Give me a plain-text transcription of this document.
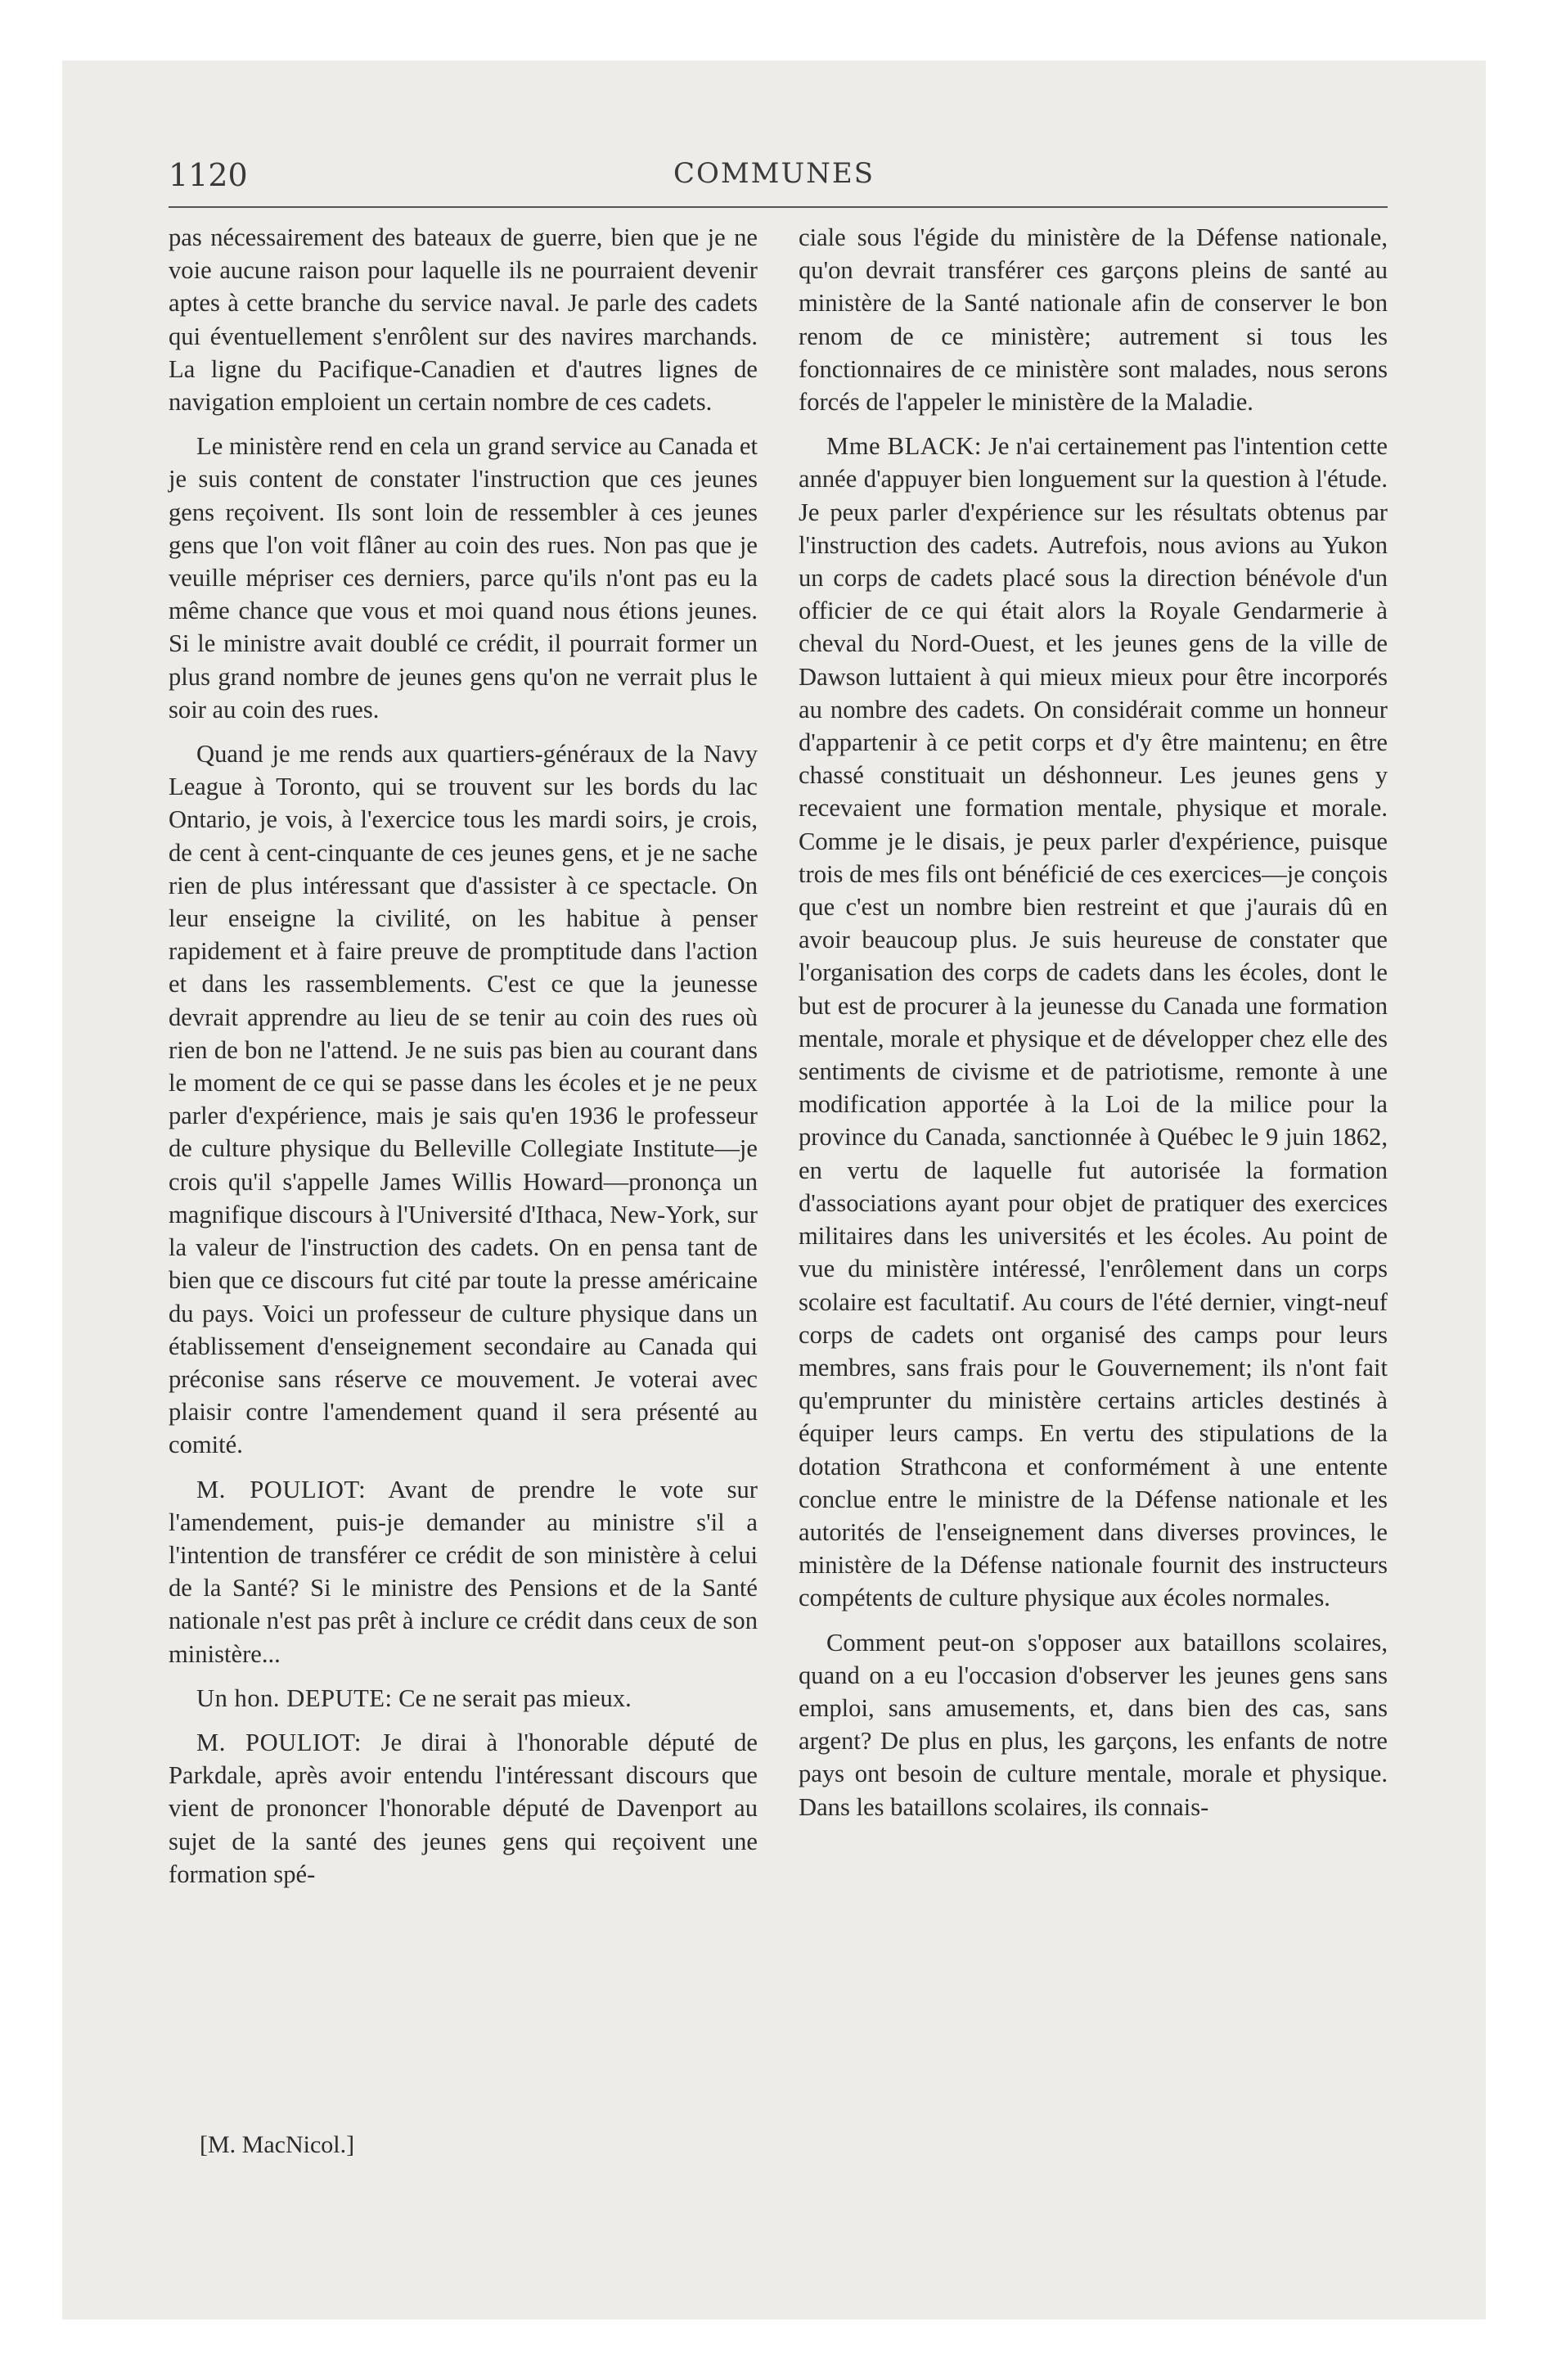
1120	COMMUNES

pas nécessairement des bateaux de guerre, bien que je ne voie aucune raison pour laquelle ils ne pourraient devenir aptes à cette branche du service naval. Je parle des cadets qui éventuellement s'enrôlent sur des navires marchands. La ligne du Pacifique-Canadien et d'autres lignes de navigation emploient un certain nombre de ces cadets.

Le ministère rend en cela un grand service au Canada et je suis content de constater l'instruction que ces jeunes gens reçoivent. Ils sont loin de ressembler à ces jeunes gens que l'on voit flâner au coin des rues. Non pas que je veuille mépriser ces derniers, parce qu'ils n'ont pas eu la même chance que vous et moi quand nous étions jeunes. Si le ministre avait doublé ce crédit, il pourrait former un plus grand nombre de jeunes gens qu'on ne verrait plus le soir au coin des rues.

Quand je me rends aux quartiers-généraux de la Navy League à Toronto, qui se trouvent sur les bords du lac Ontario, je vois, à l'exercice tous les mardi soirs, je crois, de cent à cent-cinquante de ces jeunes gens, et je ne sache rien de plus intéressant que d'assister à ce spectacle. On leur enseigne la civilité, on les habitue à penser rapidement et à faire preuve de promptitude dans l'action et dans les rassemblements. C'est ce que la jeunesse devrait apprendre au lieu de se tenir au coin des rues où rien de bon ne l'attend. Je ne suis pas bien au courant dans le moment de ce qui se passe dans les écoles et je ne peux parler d'expérience, mais je sais qu'en 1936 le professeur de culture physique du Belleville Collegiate Institute—je crois qu'il s'appelle James Willis Howard—prononça un magnifique discours à l'Université d'Ithaca, New-York, sur la valeur de l'instruction des cadets. On en pensa tant de bien que ce discours fut cité par toute la presse américaine du pays. Voici un professeur de culture physique dans un établissement d'enseignement secondaire au Canada qui préconise sans réserve ce mouvement. Je voterai avec plaisir contre l'amendement quand il sera présenté au comité.

M. POULIOT: Avant de prendre le vote sur l'amendement, puis-je demander au ministre s'il a l'intention de transférer ce crédit de son ministère à celui de la Santé? Si le ministre des Pensions et de la Santé nationale n'est pas prêt à inclure ce crédit dans ceux de son ministère...

Un hon. DEPUTE: Ce ne serait pas mieux.

M. POULIOT: Je dirai à l'honorable député de Parkdale, après avoir entendu l'intéressant discours que vient de prononcer l'honorable député de Davenport au sujet de la santé des jeunes gens qui reçoivent une formation spé-

ciale sous l'égide du ministère de la Défense nationale, qu'on devrait transférer ces garçons pleins de santé au ministère de la Santé nationale afin de conserver le bon renom de ce ministère; autrement si tous les fonctionnaires de ce ministère sont malades, nous serons forcés de l'appeler le ministère de la Maladie.

Mme BLACK: Je n'ai certainement pas l'intention cette année d'appuyer bien longuement sur la question à l'étude. Je peux parler d'expérience sur les résultats obtenus par l'instruction des cadets. Autrefois, nous avions au Yukon un corps de cadets placé sous la direction bénévole d'un officier de ce qui était alors la Royale Gendarmerie à cheval du Nord-Ouest, et les jeunes gens de la ville de Dawson luttaient à qui mieux mieux pour être incorporés au nombre des cadets. On considérait comme un honneur d'appartenir à ce petit corps et d'y être maintenu; en être chassé constituait un déshonneur. Les jeunes gens y recevaient une formation mentale, physique et morale. Comme je le disais, je peux parler d'expérience, puisque trois de mes fils ont bénéficié de ces exercices—je conçois que c'est un nombre bien restreint et que j'aurais dû en avoir beaucoup plus. Je suis heureuse de constater que l'organisation des corps de cadets dans les écoles, dont le but est de procurer à la jeunesse du Canada une formation mentale, morale et physique et de développer chez elle des sentiments de civisme et de patriotisme, remonte à une modification apportée à la Loi de la milice pour la province du Canada, sanctionnée à Québec le 9 juin 1862, en vertu de laquelle fut autorisée la formation d'associations ayant pour objet de pratiquer des exercices militaires dans les universités et les écoles. Au point de vue du ministère intéressé, l'enrôlement dans un corps scolaire est facultatif. Au cours de l'été dernier, vingt-neuf corps de cadets ont organisé des camps pour leurs membres, sans frais pour le Gouvernement; ils n'ont fait qu'emprunter du ministère certains articles destinés à équiper leurs camps. En vertu des stipulations de la dotation Strathcona et conformément à une entente conclue entre le ministre de la Défense nationale et les autorités de l'enseignement dans diverses provinces, le ministère de la Défense nationale fournit des instructeurs compétents de culture physique aux écoles normales.

Comment peut-on s'opposer aux bataillons scolaires, quand on a eu l'occasion d'observer les jeunes gens sans emploi, sans amusements, et, dans bien des cas, sans argent? De plus en plus, les garçons, les enfants de notre pays ont besoin de culture mentale, morale et physique. Dans les bataillons scolaires, ils connais-

[M. MacNicol.]
